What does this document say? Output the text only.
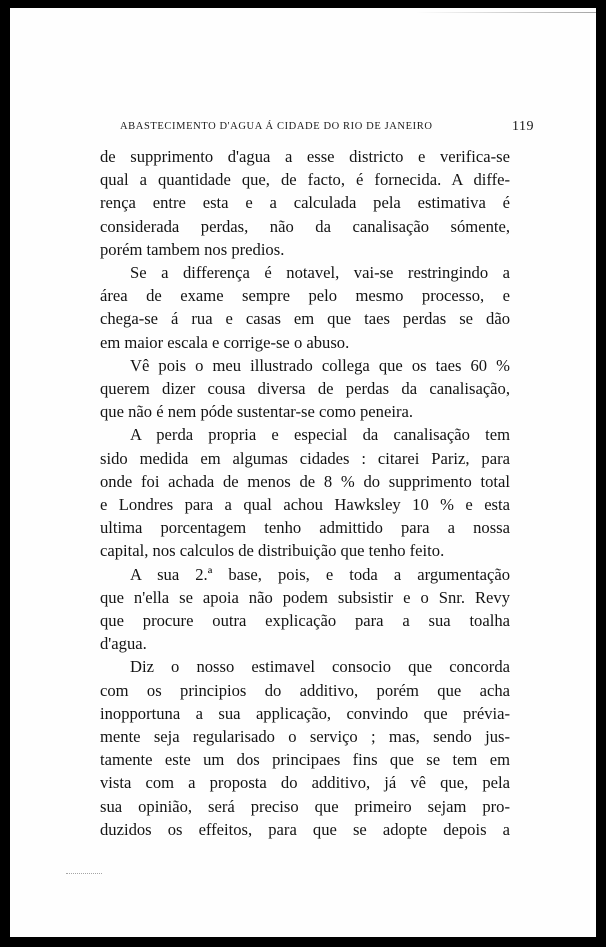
ABASTECIMENTO D'AGUA Á CIDADE DO RIO DE JANEIRO	119
de supprimento d'agua a esse districto e verifica-se
qual a quantidade que, de facto, é fornecida. A diffe-
rença entre esta e a calculada pela estimativa é
considerada perdas, não da canalisação sómente,
porém tambem nos predios.
Se a differença é notavel, vai-se restringindo a
área de exame sempre pelo mesmo processo, e
chega-se á rua e casas em que taes perdas se dão
em maior escala e corrige-se o abuso.
Vê pois o meu illustrado collega que os taes 60 %
querem dizer cousa diversa de perdas da canalisação,
que não é nem póde sustentar-se como peneira.
A perda propria e especial da canalisação tem
sido medida em algumas cidades : citarei Pariz, para
onde foi achada de menos de 8 % do supprimento total
e Londres para a qual achou Hawksley 10 % e esta
ultima porcentagem tenho admittido para a nossa
capital, nos calculos de distribuição que tenho feito.
A sua 2.ª base, pois, e toda a argumentação
que n'ella se apoia não podem subsistir e o Snr. Revy
que procure outra explicação para a sua toalha
d'agua.
Diz o nosso estimavel consocio que concorda
com os principios do additivo, porém que acha
inopportuna a sua applicação, convindo que prévia-
mente seja regularisado o serviço ; mas, sendo jus-
tamente este um dos principaes fins que se tem em
vista com a proposta do additivo, já vê que, pela
sua opinião, será preciso que primeiro sejam pro-
duzidos os effeitos, para que se adopte depois a
